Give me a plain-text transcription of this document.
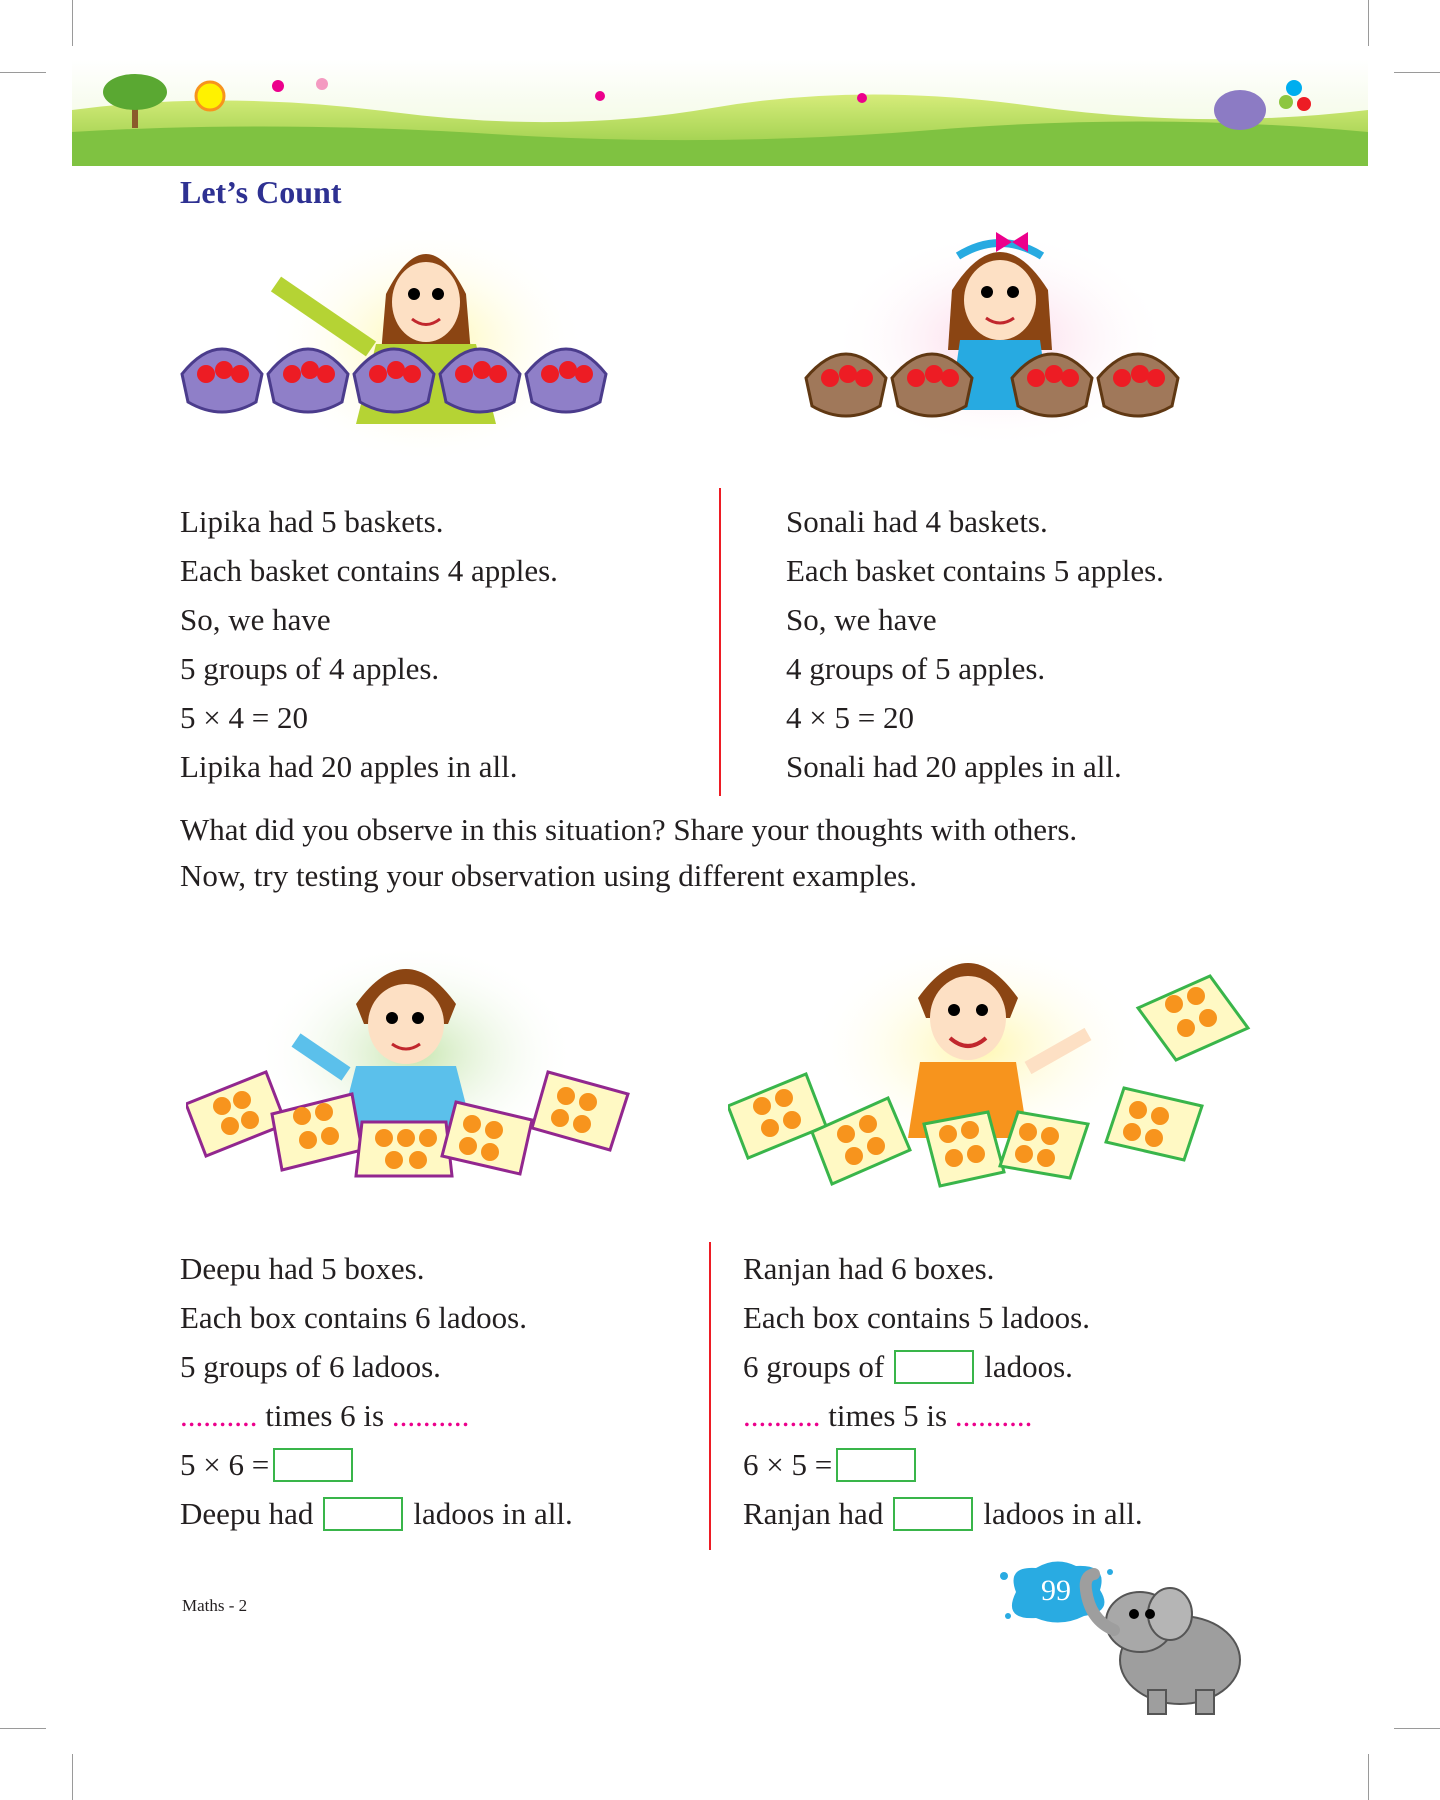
Let’s Count
Lipika had 5 baskets.
Each basket contains 4 apples.
So, we have
5 groups of 4 apples.
5 × 4 = 20
Lipika had 20 apples in all.
Sonali had 4 baskets.
Each basket contains 5 apples.
So, we have
4 groups of 5 apples.
4 × 5 = 20
Sonali had 20 apples in all.
What did you observe in this situation? Share your thoughts with others.
Now, try testing your observation using different examples.
Deepu had 5 boxes.
Each box contains 6 ladoos.
5 groups of 6 ladoos.
.......... times 6 is ..........
5 × 6 =
Deepu had	ladoos in all.
Ranjan had 6 boxes.
Each box contains 5 ladoos.
6 groups of	ladoos.
.......... times 5 is ..........
6 × 5 =
Ranjan had	ladoos in all.
Maths - 2	99
